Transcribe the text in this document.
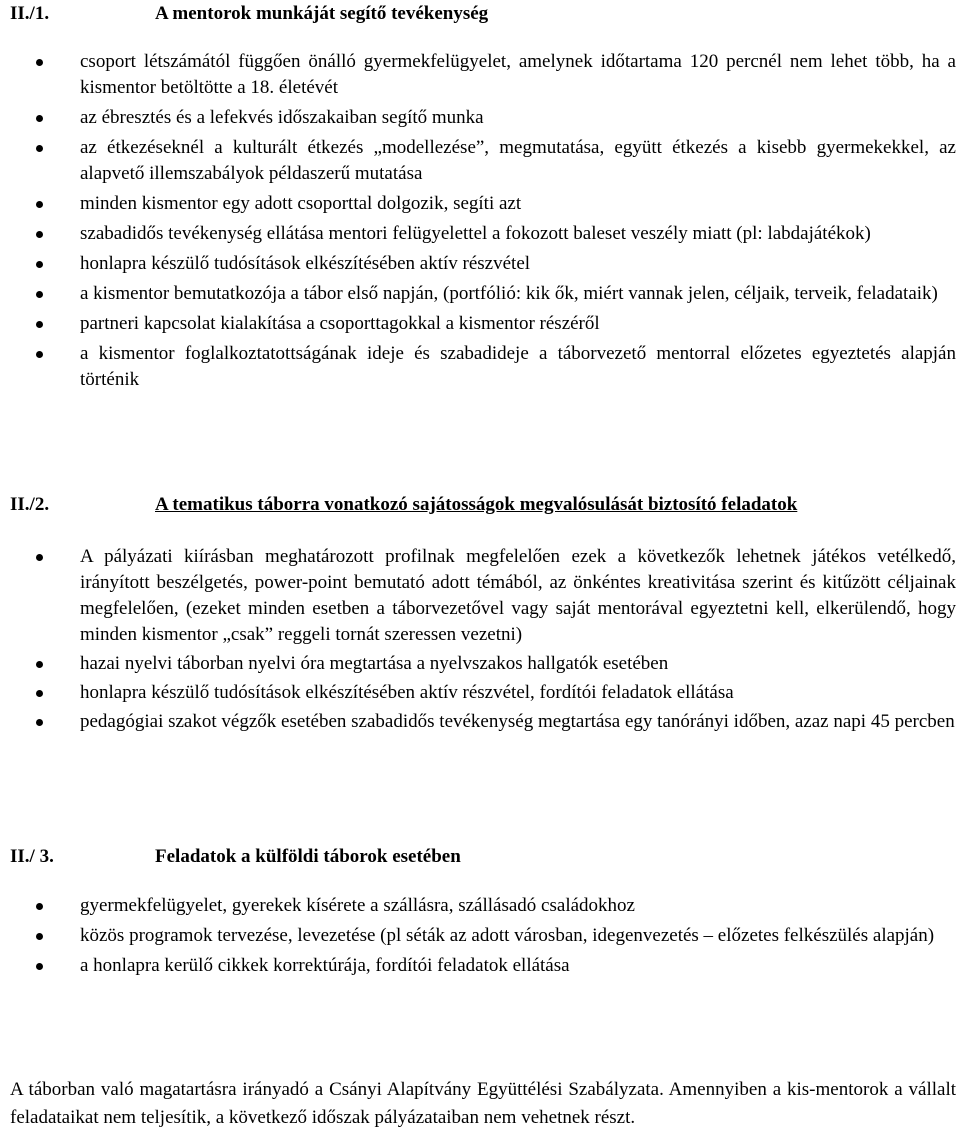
II./1.	A mentorok munkáját segítő tevékenység
csoport létszámától függően önálló gyermekfelügyelet, amelynek időtartama 120 percnél nem lehet több, ha a kismentor betöltötte a 18. életévét
az ébresztés és a lefekvés időszakaiban segítő munka
az étkezéseknél a kulturált étkezés „modellezése”, megmutatása, együtt étkezés a kisebb gyermekekkel, az alapvető illemszabályok példaszerű mutatása
minden kismentor egy adott csoporttal dolgozik, segíti azt
szabadidős tevékenység ellátása mentori felügyelettel a fokozott baleset veszély miatt (pl: labdajátékok)
honlapra készülő tudósítások elkészítésében aktív részvétel
a kismentor bemutatkozója a tábor első napján, (portfólió: kik ők, miért vannak jelen, céljaik, terveik, feladataik)
partneri kapcsolat kialakítása a csoporttagokkal a kismentor részéről
a kismentor foglalkoztatottságának ideje és szabadideje a táborvezető mentorral előzetes egyeztetés alapján történik
II./2.	A tematikus táborra vonatkozó sajátosságok megvalósulását biztosító feladatok
A pályázati kiírásban meghatározott profilnak megfelelően ezek a következők lehetnek játékos vetélkedő, irányított beszélgetés, power-point bemutató adott témából, az önkéntes kreativitása szerint és kitűzött céljainak megfelelően, (ezeket minden esetben a táborvezetővel vagy saját mentorával egyeztetni kell, elkerülendő, hogy minden kismentor „csak” reggeli tornát szeressen vezetni)
hazai nyelvi táborban nyelvi óra megtartása a nyelvszakos hallgatók esetében
honlapra készülő tudósítások elkészítésében aktív részvétel, fordítói feladatok ellátása
pedagógiai szakot végzők esetében szabadidős tevékenység megtartása egy tanórányi időben, azaz napi 45 percben
II./ 3.	Feladatok a külföldi táborok esetében
gyermekfelügyelet, gyerekek kísérete a szállásra, szállásadó családokhoz
közös programok tervezése, levezetése (pl séták az adott városban, idegenvezetés – előzetes felkészülés alapján)
a honlapra kerülő cikkek korrektúrája, fordítói feladatok ellátása

A táborban való magatartásra irányadó a Csányi Alapítvány Együttélési Szabályzata. Amennyiben a kis-mentorok a vállalt feladataikat nem teljesítik, a következő időszak pályázataiban nem vehetnek részt.
